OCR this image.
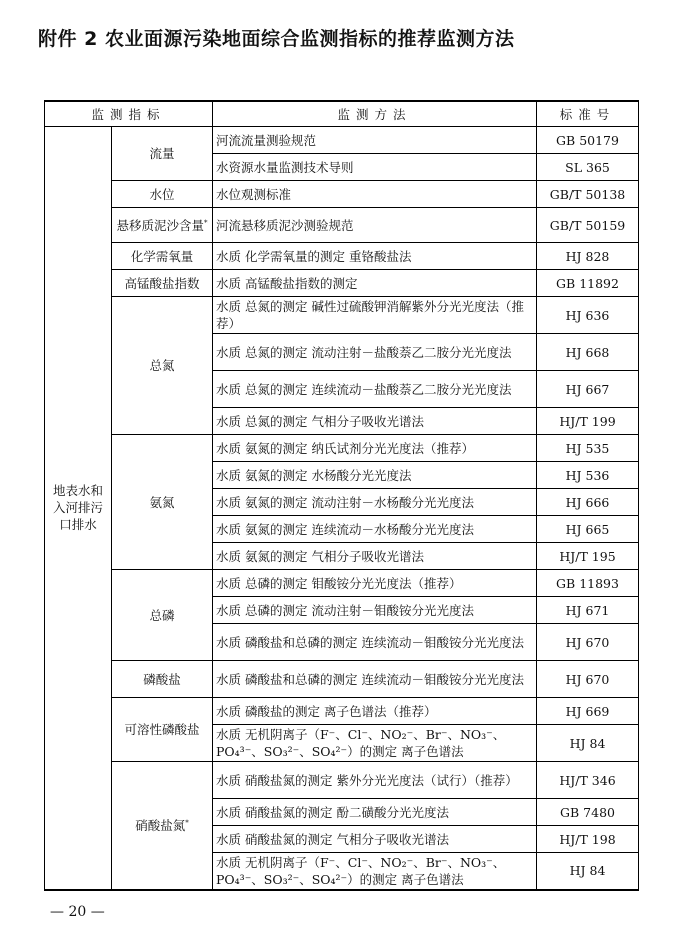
附件 2 农业面源污染地面综合监测指标的推荐监测方法
监测指标		监测方法	标准号
地表水和入河排污口排水	流量	河流流量测验规范	GB 50179
		水资源水量监测技术导则	SL 365
	水位	水位观测标准	GB/T 50138
	悬移质泥沙含量*	河流悬移质泥沙测验规范	GB/T 50159
	化学需氧量	水质 化学需氧量的测定 重铬酸盐法	HJ 828
	高锰酸盐指数	水质 高锰酸盐指数的测定	GB 11892
	总氮	水质 总氮的测定 碱性过硫酸钾消解紫外分光光度法（推荐）	HJ 636
		水质 总氮的测定 流动注射－盐酸萘乙二胺分光光度法	HJ 668
		水质 总氮的测定 连续流动－盐酸萘乙二胺分光光度法	HJ 667
		水质 总氮的测定 气相分子吸收光谱法	HJ/T 199
	氨氮	水质 氨氮的测定 纳氏试剂分光光度法（推荐）	HJ 535
		水质 氨氮的测定 水杨酸分光光度法	HJ 536
		水质 氨氮的测定 流动注射－水杨酸分光光度法	HJ 666
		水质 氨氮的测定 连续流动－水杨酸分光光度法	HJ 665
		水质 氨氮的测定 气相分子吸收光谱法	HJ/T 195
	总磷	水质 总磷的测定 钼酸铵分光光度法（推荐）	GB 11893
		水质 总磷的测定 流动注射－钼酸铵分光光度法	HJ 671
		水质 磷酸盐和总磷的测定 连续流动－钼酸铵分光光度法	HJ 670
	磷酸盐	水质 磷酸盐和总磷的测定 连续流动－钼酸铵分光光度法	HJ 670
	可溶性磷酸盐	水质 磷酸盐的测定 离子色谱法（推荐）	HJ 669
		水质 无机阴离子（F⁻、Cl⁻、NO₂⁻、Br⁻、NO₃⁻、PO₄³⁻、SO₃²⁻、SO₄²⁻）的测定 离子色谱法	HJ 84
	硝酸盐氮*	水质 硝酸盐氮的测定 紫外分光光度法（试行）（推荐）	HJ/T 346
		水质 硝酸盐氮的测定 酚二磺酸分光光度法	GB 7480
		水质 硝酸盐氮的测定 气相分子吸收光谱法	HJ/T 198
		水质 无机阴离子（F⁻、Cl⁻、NO₂⁻、Br⁻、NO₃⁻、PO₄³⁻、SO₃²⁻、SO₄²⁻）的测定 离子色谱法	HJ 84
— 20 —
